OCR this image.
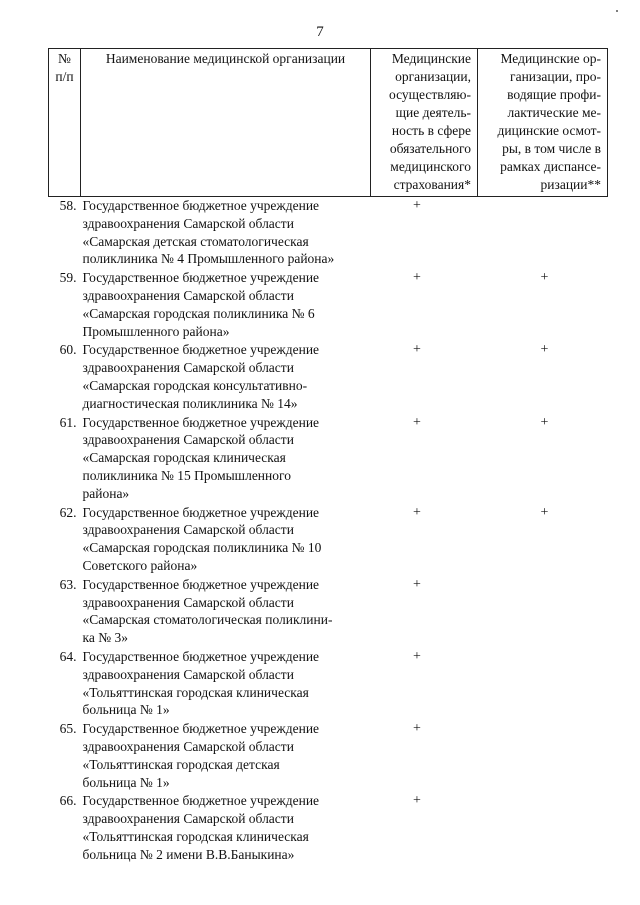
7
№ п/п	Наименование медицинской организации	Медицинские организации, осуществляю-щие деятель-ность в сфере обязательного медицинского страхования*	Медицинские ор-ганизации, про-водящие профи-лактические ме-дицинские осмот-ры, в том числе в рамках диспансе-ризации**
58.	Государственное бюджетное учреждение
здравоохранения Самарской области
«Самарская детская стоматологическая
поликлиника № 4 Промышленного района»	+	
59.	Государственное бюджетное учреждение
здравоохранения Самарской области
«Самарская городская поликлиника № 6
Промышленного района»	+	+
60.	Государственное бюджетное учреждение
здравоохранения Самарской области
«Самарская городская консультативно-
диагностическая поликлиника № 14»	+	+
61.	Государственное бюджетное учреждение
здравоохранения Самарской области
«Самарская городская клиническая
поликлиника № 15 Промышленного
района»	+	+
62.	Государственное бюджетное учреждение
здравоохранения Самарской области
«Самарская городская поликлиника № 10
Советского района»	+	+
63.	Государственное бюджетное учреждение
здравоохранения Самарской области
«Самарская стоматологическая поликлини-
ка № 3»	+	
64.	Государственное бюджетное учреждение
здравоохранения Самарской области
«Тольяттинская городская клиническая
больница № 1»	+	
65.	Государственное бюджетное учреждение
здравоохранения Самарской области
«Тольяттинская городская детская
больница № 1»	+	
66.	Государственное бюджетное учреждение
здравоохранения Самарской области
«Тольяттинская городская клиническая
больница № 2 имени В.В.Баныкина»	+	
